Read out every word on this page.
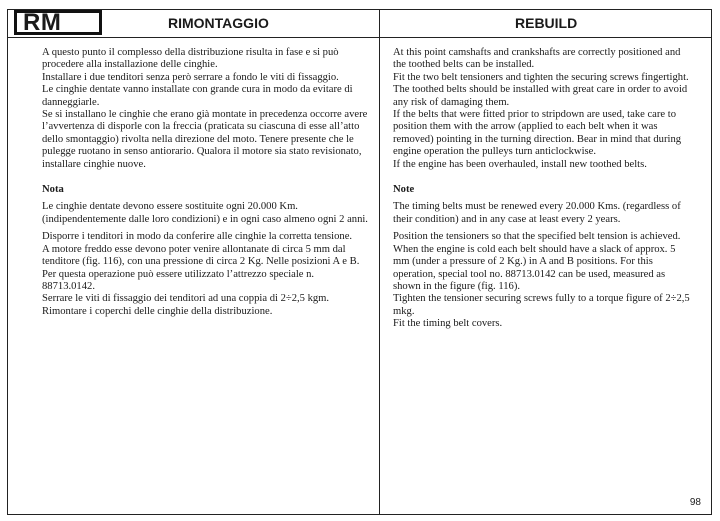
RM	RIMONTAGGIO	REBUILD

A questo punto il complesso della distribuzione risulta in fase e si può procedere alla installazione delle cinghie.

Installare i due tenditori senza però serrare a fondo le viti di fissaggio.

Le cinghie dentate vanno installate con grande cura in modo da evitare di danneggiarle.

Se si installano le cinghie che erano già montate in precedenza occorre avere l’avvertenza di disporle con la freccia (praticata su ciascuna di esse all’atto dello smontaggio) rivolta nella direzione del moto. Tenere presente che le pulegge ruotano in senso antiorario. Qualora il motore sia stato revisionato, installare cinghie nuove.

Nota

Le cinghie dentate devono essere sostituite ogni 20.000 Km. (indipendentemente dalle loro condizioni) e in ogni caso almeno ogni 2 anni.

Disporre i tenditori in modo da conferire alle cinghie la corretta tensione.

A motore freddo esse devono poter venire allontanate di circa 5 mm dal tenditore (fig. 116), con una pressione di circa 2 Kg. Nelle posizioni A e B. Per questa operazione può essere utilizzato l’attrezzo speciale n. 88713.0142.

Serrare le viti di fissaggio dei tenditori ad una coppia di 2÷2,5 kgm.

Rimontare i coperchi delle cinghie della distribuzione.

At this point camshafts and crankshafts are correctly positioned and the toothed belts can be installed.

Fit the two belt tensioners and tighten the securing screws fingertight.

The toothed belts should be installed with great care in order to avoid any risk of damaging them.

If the belts that were fitted prior to stripdown are used, take care to position them with the arrow (applied to each belt when it was removed) pointing in the turning direction. Bear in mind that during engine operation the pulleys turn anticlockwise.

If the engine has been overhauled, install new toothed belts.

Note

The timing belts must be renewed every 20.000 Kms. (regardless of their condition) and in any case at least every 2 years.

Position the tensioners so that the specified belt tension is achieved. When the engine is cold each belt should have a slack of approx. 5 mm (under a pressure of 2 Kg.) in A and B positions. For this operation, special tool no. 88713.0142 can be used, measured as shown in the figure (fig. 116).

Tighten the tensioner securing screws fully to a torque figure of 2÷2,5 mkg.

Fit the timing belt covers.

98
